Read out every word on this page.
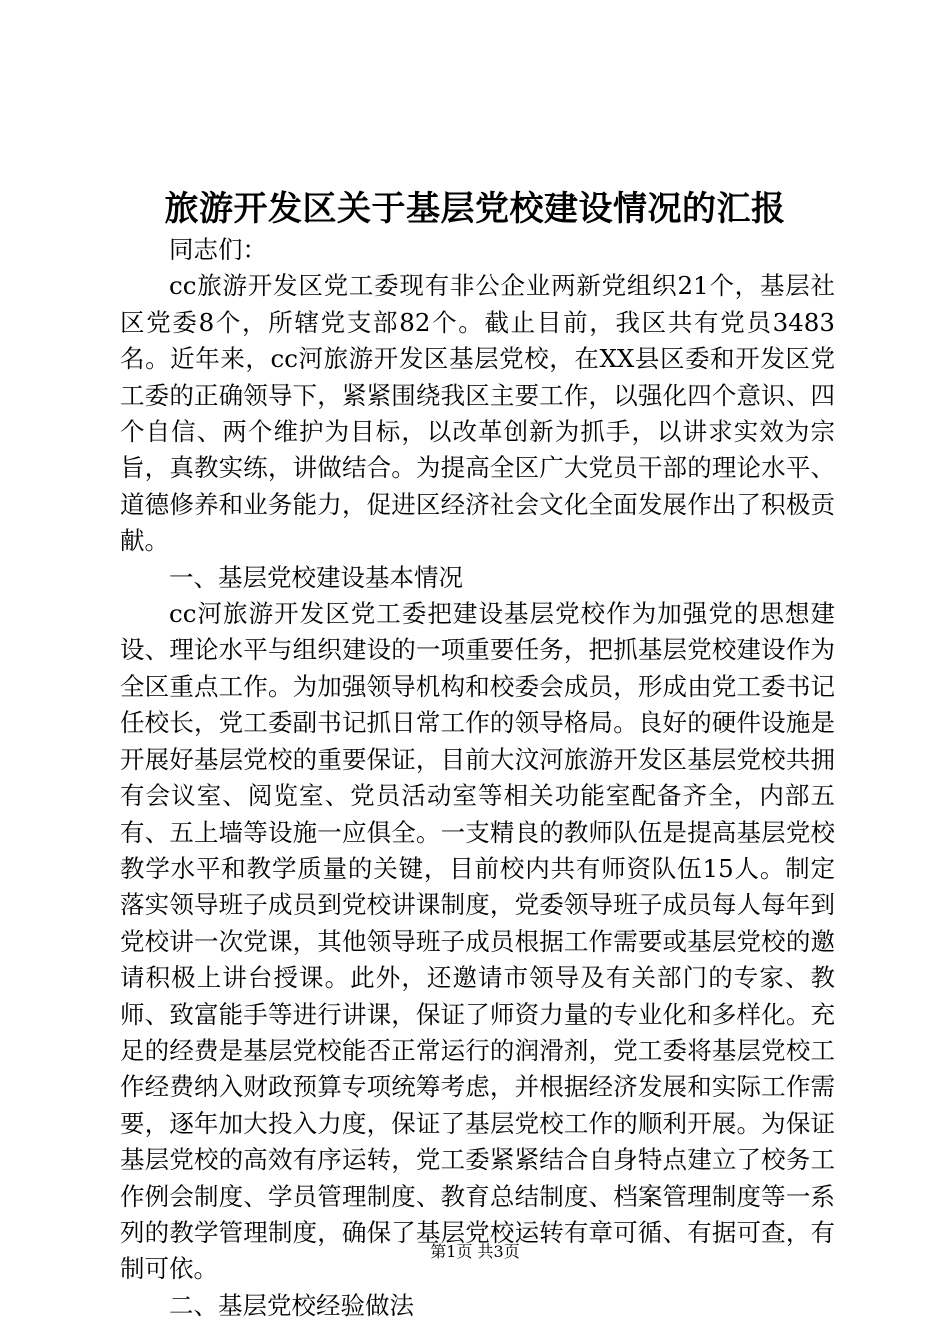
旅游开发区关于基层党校建设情况的汇报

同志们：

cc旅游开发区党工委现有非公企业两新党组织21个，基层社区党委8个，所辖党支部82个。截止目前，我区共有党员3483名。近年来，cc河旅游开发区基层党校，在XX县区委和开发区党工委的正确领导下，紧紧围绕我区主要工作，以强化四个意识、四个自信、两个维护为目标，以改革创新为抓手，以讲求实效为宗旨，真教实练，讲做结合。为提高全区广大党员干部的理论水平、道德修养和业务能力，促进区经济社会文化全面发展作出了积极贡献。

一、基层党校建设基本情况

cc河旅游开发区党工委把建设基层党校作为加强党的思想建设、理论水平与组织建设的一项重要任务，把抓基层党校建设作为全区重点工作。为加强领导机构和校委会成员，形成由党工委书记任校长，党工委副书记抓日常工作的领导格局。良好的硬件设施是开展好基层党校的重要保证，目前大汶河旅游开发区基层党校共拥有会议室、阅览室、党员活动室等相关功能室配备齐全，内部五有、五上墙等设施一应俱全。一支精良的教师队伍是提高基层党校教学水平和教学质量的关键，目前校内共有师资队伍15人。制定落实领导班子成员到党校讲课制度，党委领导班子成员每人每年到党校讲一次党课，其他领导班子成员根据工作需要或基层党校的邀请积极上讲台授课。此外，还邀请市领导及有关部门的专家、教师、致富能手等进行讲课，保证了师资力量的专业化和多样化。充足的经费是基层党校能否正常运行的润滑剂，党工委将基层党校工作经费纳入财政预算专项统筹考虑，并根据经济发展和实际工作需要，逐年加大投入力度，保证了基层党校工作的顺利开展。为保证基层党校的高效有序运转，党工委紧紧结合自身特点建立了校务工作例会制度、学员管理制度、教育总结制度、档案管理制度等一系列的教学管理制度，确保了基层党校运转有章可循、有据可查，有制可依。

二、基层党校经验做法

第1页 共3页
